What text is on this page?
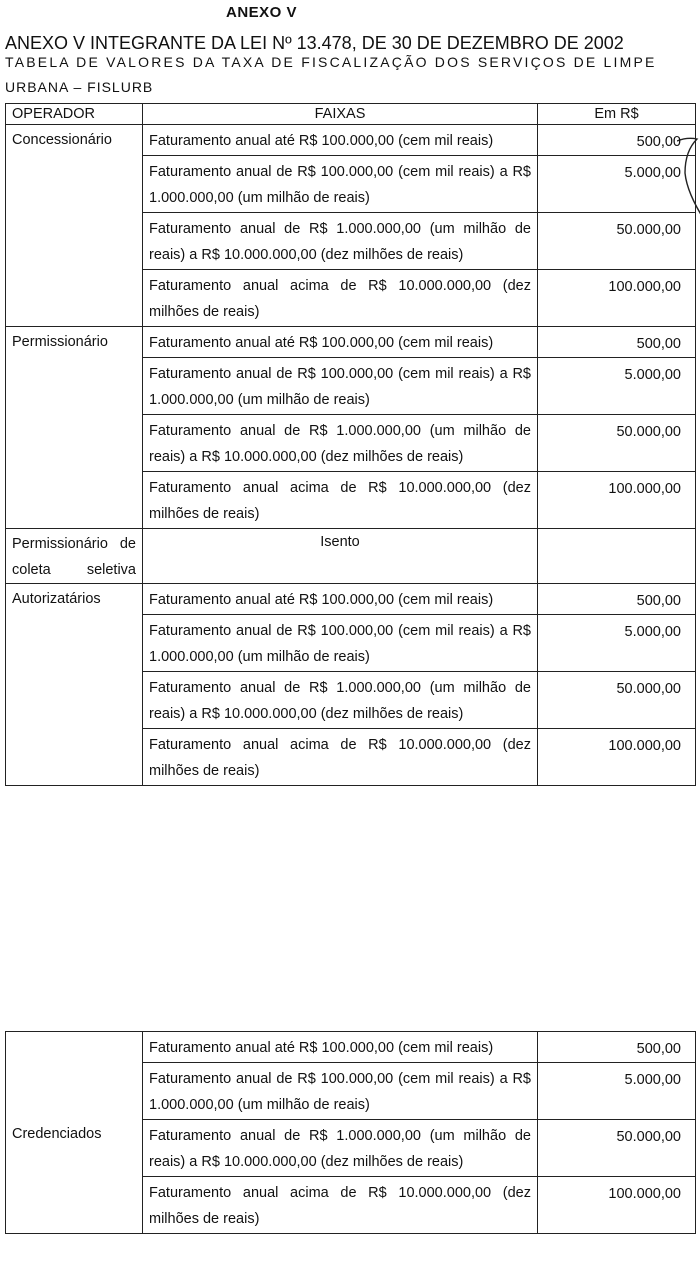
ANEXO V
ANEXO V INTEGRANTE DA LEI Nº 13.478, DE 30 DE DEZEMBRO DE 2002
TABELA DE VALORES DA TAXA DE FISCALIZAÇÃO DOS SERVIÇOS DE LIMPE
URBANA – FISLURB
OPERADOR	FAIXAS	Em R$
Concessionário	Faturamento anual até R$ 100.000,00 (cem mil reais)	500,00
	Faturamento anual de R$ 100.000,00 (cem mil reais) a R$ 1.000.000,00 (um milhão de reais)	5.000,00
	Faturamento anual de R$ 1.000.000,00 (um milhão de reais) a R$ 10.000.000,00 (dez milhões de reais)	50.000,00
	Faturamento anual acima de R$ 10.000.000,00 (dez milhões de reais)	100.000,00
Permissionário	Faturamento anual até R$ 100.000,00 (cem mil reais)	500,00
	Faturamento anual de R$ 100.000,00 (cem mil reais) a R$ 1.000.000,00 (um milhão de reais)	5.000,00
	Faturamento anual de R$ 1.000.000,00 (um milhão de reais) a R$ 10.000.000,00 (dez milhões de reais)	50.000,00
	Faturamento anual acima de R$ 10.000.000,00 (dez milhões de reais)	100.000,00

Permissionário de coleta seletiva	Isento	
Autorizatários	Faturamento anual até R$ 100.000,00 (cem mil reais)	500,00
	Faturamento anual de R$ 100.000,00 (cem mil reais) a R$ 1.000.000,00 (um milhão de reais)	5.000,00
	Faturamento anual de R$ 1.000.000,00 (um milhão de reais) a R$ 10.000.000,00 (dez milhões de reais)	50.000,00
	Faturamento anual acima de R$ 10.000.000,00 (dez milhões de reais)	100.000,00
Credenciados	Faturamento anual até R$ 100.000,00 (cem mil reais)	500,00
	Faturamento anual de R$ 100.000,00 (cem mil reais) a R$ 1.000.000,00 (um milhão de reais)	5.000,00
	Faturamento anual de R$ 1.000.000,00 (um milhão de reais) a R$ 10.000.000,00 (dez milhões de reais)	50.000,00
	Faturamento anual acima de R$ 10.000.000,00 (dez milhões de reais)	100.000,00
